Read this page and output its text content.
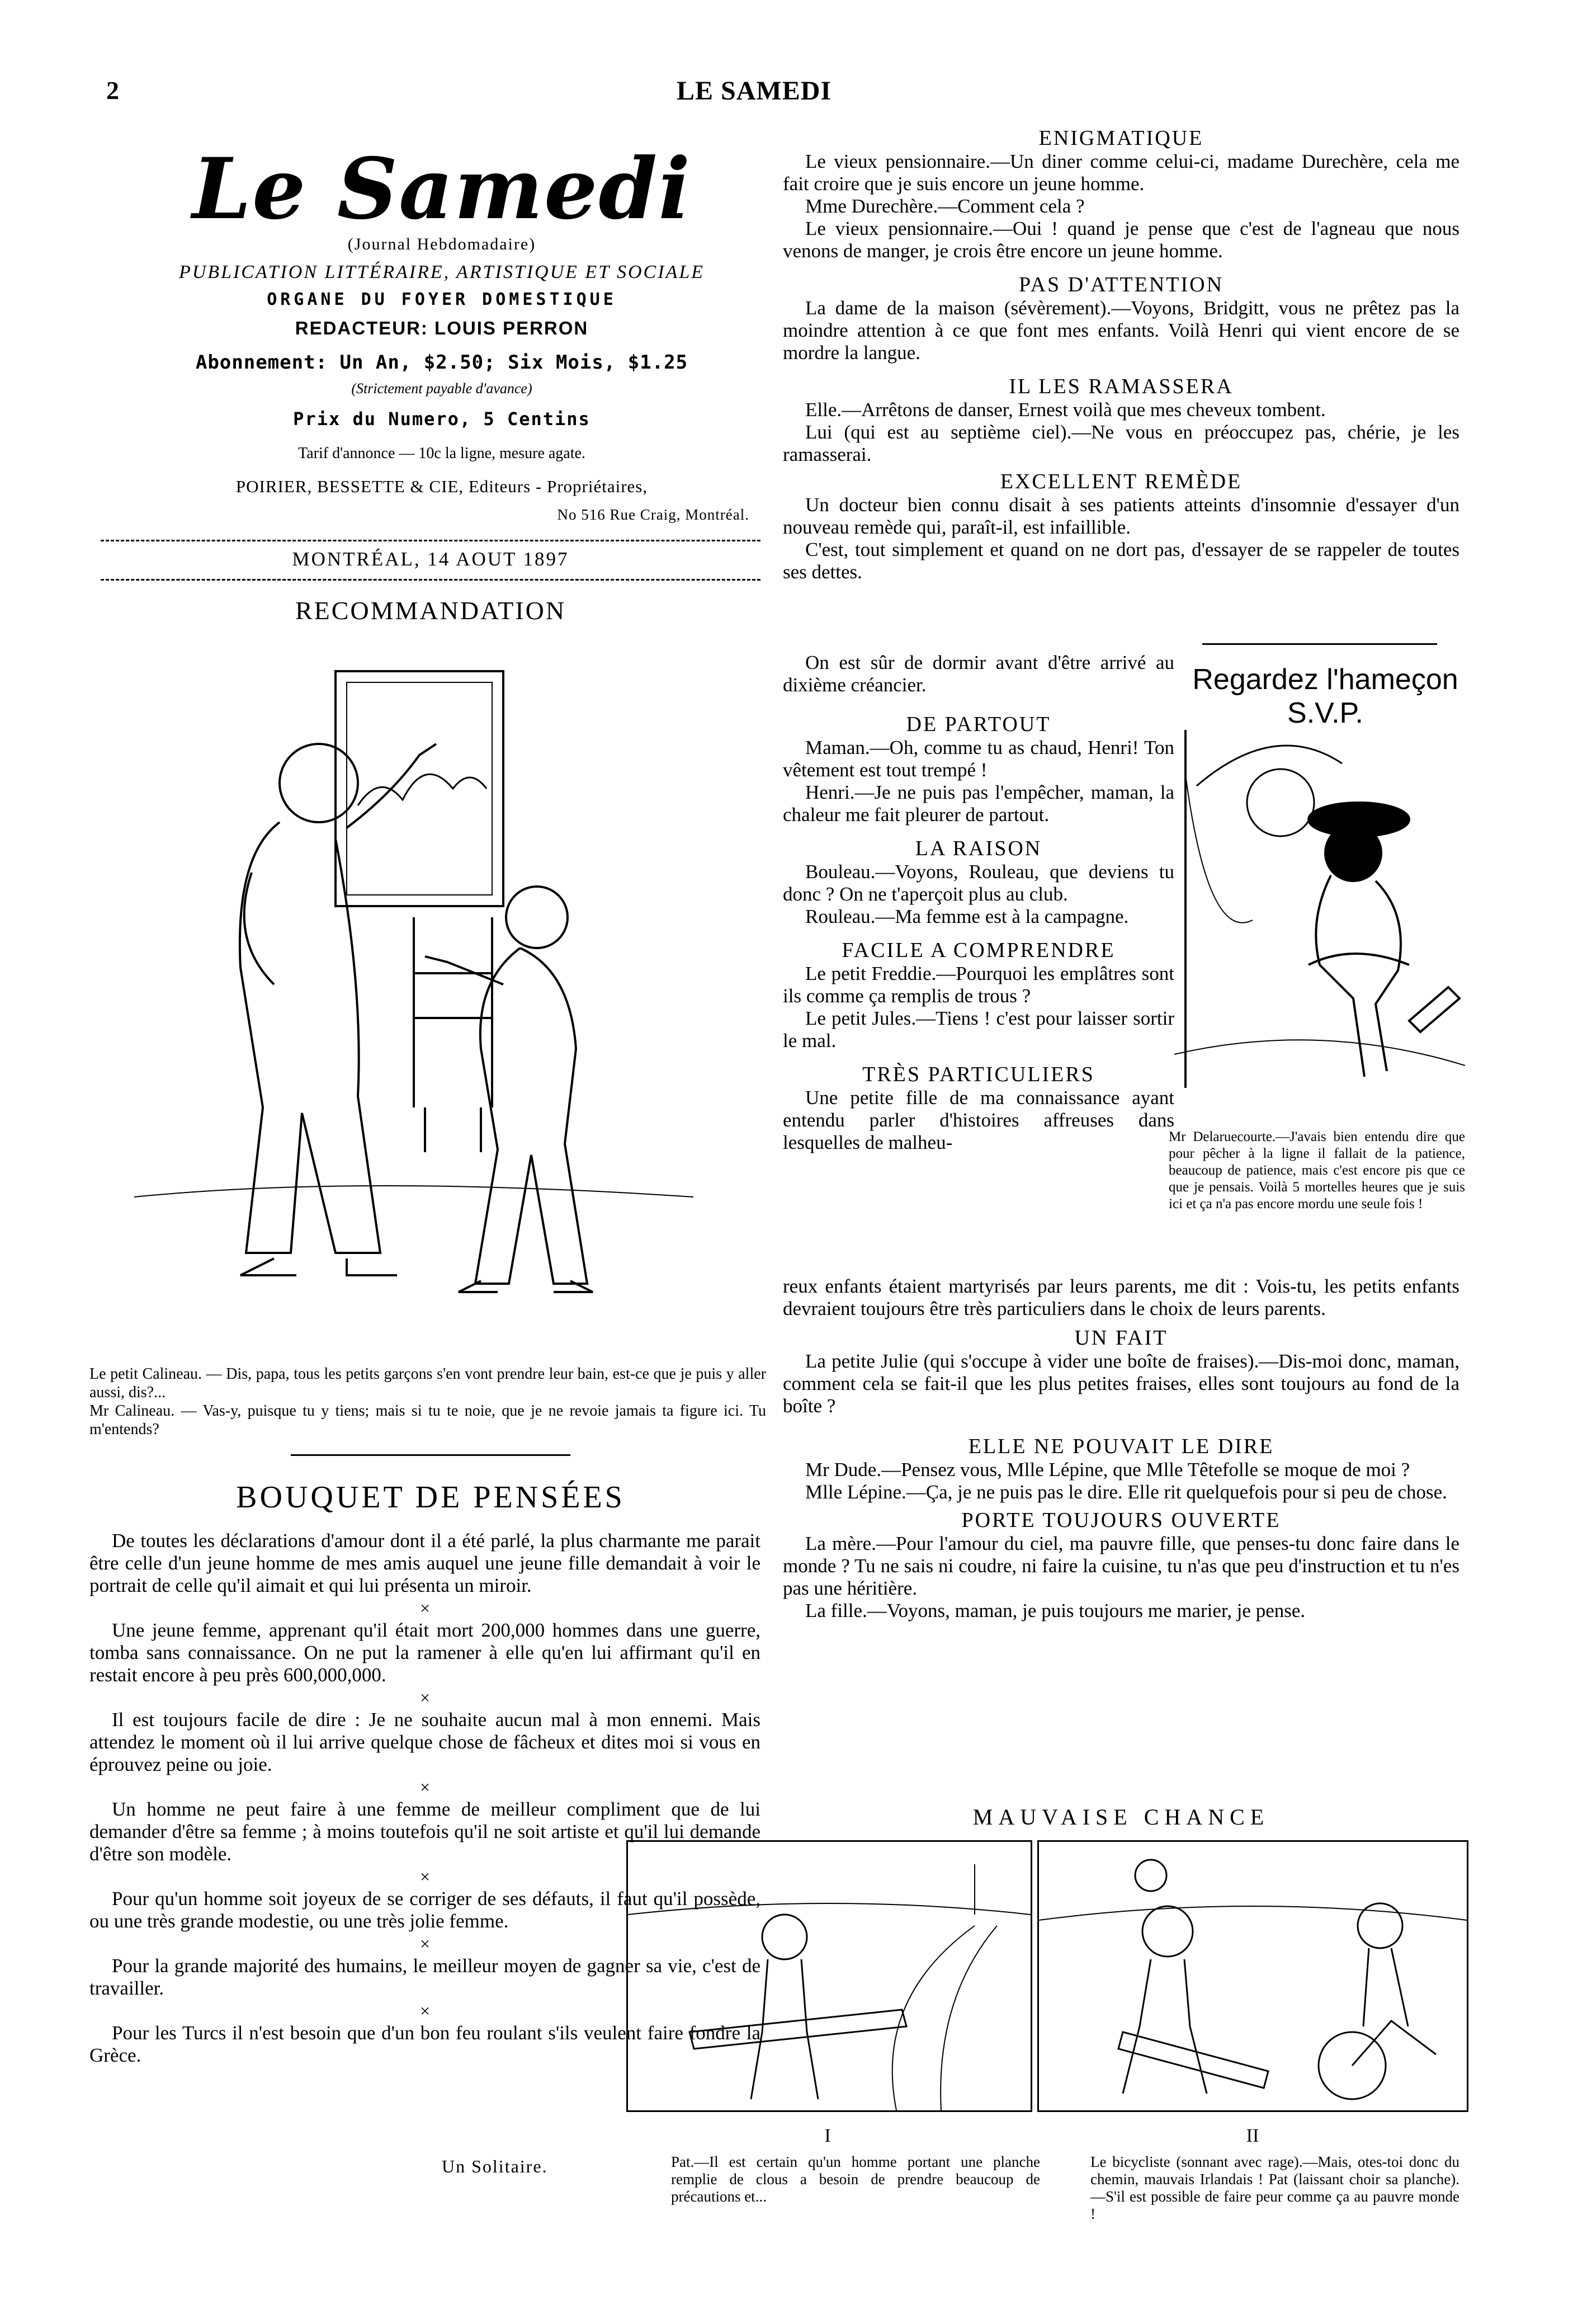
2	LE SAMEDI
Le Samedi
(Journal Hebdomadaire)
PUBLICATION LITTÉRAIRE, ARTISTIQUE ET SOCIALE
ORGANE DU FOYER DOMESTIQUE
REDACTEUR: LOUIS PERRON
Abonnement: Un An, $2.50; Six Mois, $1.25
(Strictement payable d'avance)
Prix du Numero, 5 Centins
Tarif d'annonce — 10c la ligne, mesure agate.
POIRIER, BESSETTE & CIE, Editeurs - Propriétaires,
No 516 Rue Craig, Montréal.
MONTRÉAL, 14 AOUT 1897
RECOMMANDATION
Le petit Calineau. — Dis, papa, tous les petits garçons s'en vont prendre leur bain, est-ce que je puis y aller aussi, dis?...
Mr Calineau. — Vas-y, puisque tu y tiens; mais si tu te noie, que je ne revoie jamais ta figure ici. Tu m'entends?
BOUQUET DE PENSÉES
De toutes les déclarations d'amour dont il a été parlé, la plus charmante me parait être celle d'un jeune homme de mes amis auquel une jeune fille demandait à voir le portrait de celle qu'il aimait et qui lui présenta un miroir.
×
Une jeune femme, apprenant qu'il était mort 200,000 hommes dans une guerre, tomba sans connaissance. On ne put la ramener à elle qu'en lui affirmant qu'il en restait encore à peu près 600,000,000.
×
Il est toujours facile de dire : Je ne souhaite aucun mal à mon ennemi. Mais attendez le moment où il lui arrive quelque chose de fâcheux et dites moi si vous en éprouvez peine ou joie.
×
Un homme ne peut faire à une femme de meilleur compliment que de lui demander d'être sa femme ; à moins toutefois qu'il ne soit artiste et qu'il lui demande d'être son modèle.
×
Pour qu'un homme soit joyeux de se corriger de ses défauts, il faut qu'il possède, ou une très grande modestie, ou une très jolie femme.
×
Pour la grande majorité des humains, le meilleur moyen de gagner sa vie, c'est de travailler.
×
Pour les Turcs il n'est besoin que d'un bon feu roulant s'ils veulent faire fondre la Grèce.
Un Solitaire.
ENIGMATIQUE
Le vieux pensionnaire.—Un diner comme celui-ci, madame Durechère, cela me fait croire que je suis encore un jeune homme.
Mme Durechère.—Comment cela ?
Le vieux pensionnaire.—Oui ! quand je pense que c'est de l'agneau que nous venons de manger, je crois être encore un jeune homme.
PAS D'ATTENTION
La dame de la maison (sévèrement).—Voyons, Bridgitt, vous ne prêtez pas la moindre attention à ce que font mes enfants. Voilà Henri qui vient encore de se mordre la langue.
IL LES RAMASSERA
Elle.—Arrêtons de danser, Ernest voilà que mes cheveux tombent.
Lui (qui est au septième ciel).—Ne vous en préoccupez pas, chérie, je les ramasserai.
EXCELLENT REMÈDE
Un docteur bien connu disait à ses patients atteints d'insomnie d'essayer d'un nouveau remède qui, paraît-il, est infaillible.
C'est, tout simplement et quand on ne dort pas, d'essayer de se rappeler de toutes ses dettes.
On est sûr de dormir avant d'être arrivé au dixième créancier.
DE PARTOUT
Maman.—Oh, comme tu as chaud, Henri! Ton vêtement est tout trempé !
Henri.—Je ne puis pas l'empêcher, maman, la chaleur me fait pleurer de partout.
LA RAISON
Bouleau.—Voyons, Rouleau, que deviens tu donc ? On ne t'aperçoit plus au club.
Rouleau.—Ma femme est à la campagne.
FACILE A COMPRENDRE
Le petit Freddie.—Pourquoi les emplâtres sont ils comme ça remplis de trous ?
Le petit Jules.—Tiens ! c'est pour laisser sortir le mal.
TRÈS PARTICULIERS
Une petite fille de ma connaissance ayant entendu parler d'histoires affreuses dans lesquelles de malheu-
Regardez l'hameçon S.V.P.
Mr Delaruecourte.—J'avais bien entendu dire que pour pêcher à la ligne il fallait de la patience, beaucoup de patience, mais c'est encore pis que ce que je pensais. Voilà 5 mortelles heures que je suis ici et ça n'a pas encore mordu une seule fois !
reux enfants étaient martyrisés par leurs parents, me dit : Vois-tu, les petits enfants devraient toujours être très particuliers dans le choix de leurs parents.
UN FAIT
La petite Julie (qui s'occupe à vider une boîte de fraises).—Dis-moi donc, maman, comment cela se fait-il que les plus petites fraises, elles sont toujours au fond de la boîte ?
ELLE NE POUVAIT LE DIRE
Mr Dude.—Pensez vous, Mlle Lépine, que Mlle Têtefolle se moque de moi ?
Mlle Lépine.—Ça, je ne puis pas le dire. Elle rit quelquefois pour si peu de chose.
PORTE TOUJOURS OUVERTE
La mère.—Pour l'amour du ciel, ma pauvre fille, que penses-tu donc faire dans le monde ? Tu ne sais ni coudre, ni faire la cuisine, tu n'as que peu d'instruction et tu n'es pas une héritière.
La fille.—Voyons, maman, je puis toujours me marier, je pense.
MAUVAISE CHANCE
I	II
Pat.—Il est certain qu'un homme portant une planche remplie de clous a besoin de prendre beaucoup de précautions et...
Le bicycliste (sonnant avec rage).—Mais, otes-toi donc du chemin, mauvais Irlandais ! Pat (laissant choir sa planche).—S'il est possible de faire peur comme ça au pauvre monde !
